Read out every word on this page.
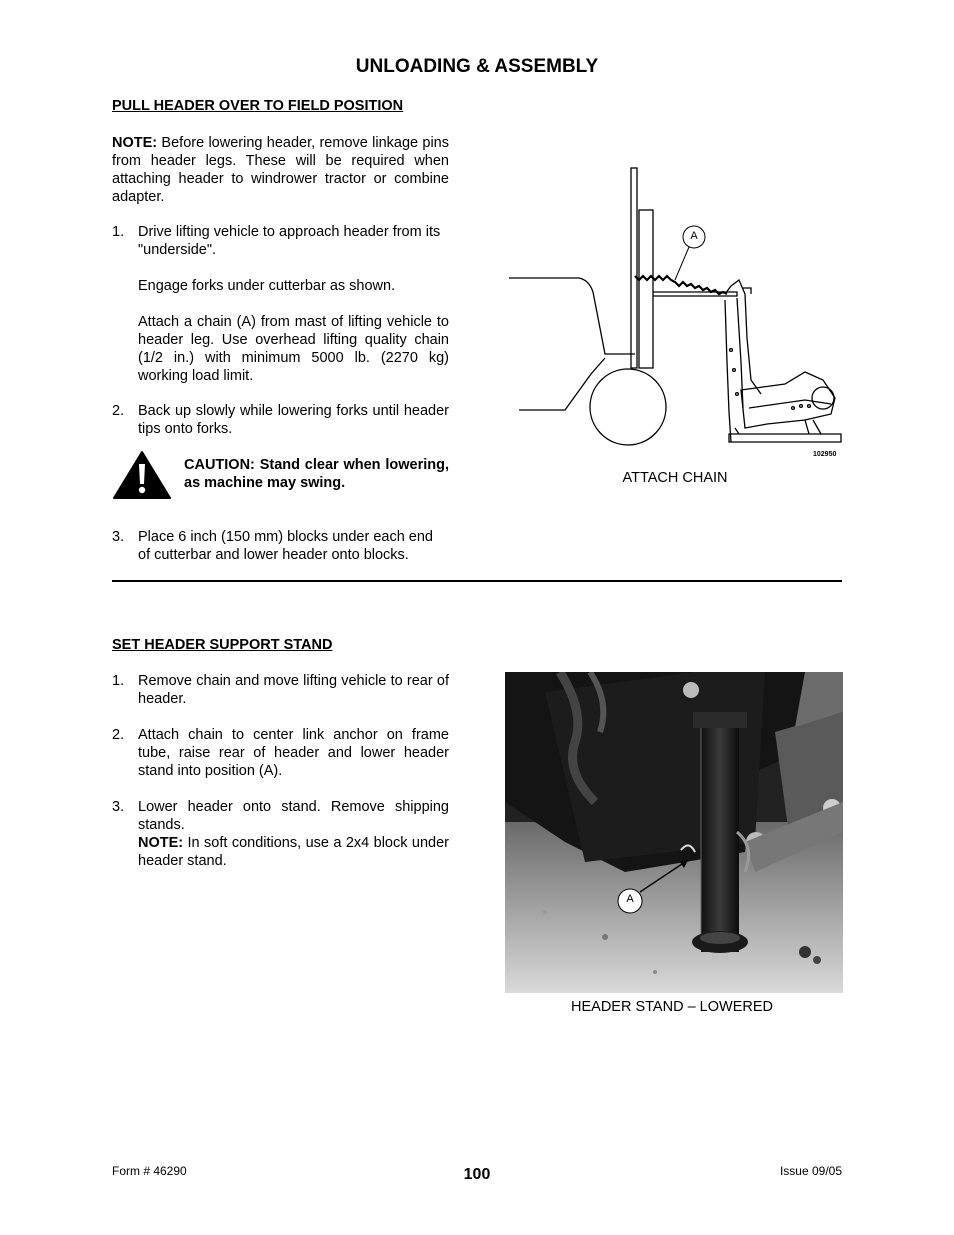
UNLOADING & ASSEMBLY
PULL HEADER OVER TO FIELD POSITION
NOTE: Before lowering header, remove linkage pins from header legs. These will be required when attaching header to windrower tractor or combine adapter.
1. Drive lifting vehicle to approach header from its "underside".
Engage forks under cutterbar as shown.
Attach a chain (A) from mast of lifting vehicle to header leg. Use overhead lifting quality chain (1/2 in.) with minimum 5000 lb. (2270 kg) working load limit.
2. Back up slowly while lowering forks until header tips onto forks.
CAUTION: Stand clear when lowering, as machine may swing.
3. Place 6 inch (150 mm) blocks under each end of cutterbar and lower header onto blocks.
A
102950
ATTACH CHAIN
SET HEADER SUPPORT STAND
1. Remove chain and move lifting vehicle to rear of header.
2. Attach chain to center link anchor on frame tube, raise rear of header and lower header stand into position (A).
3. Lower header onto stand. Remove shipping stands.
NOTE: In soft conditions, use a 2x4 block under header stand.
A
HEADER STAND – LOWERED
Form # 46290	100	Issue 09/05
